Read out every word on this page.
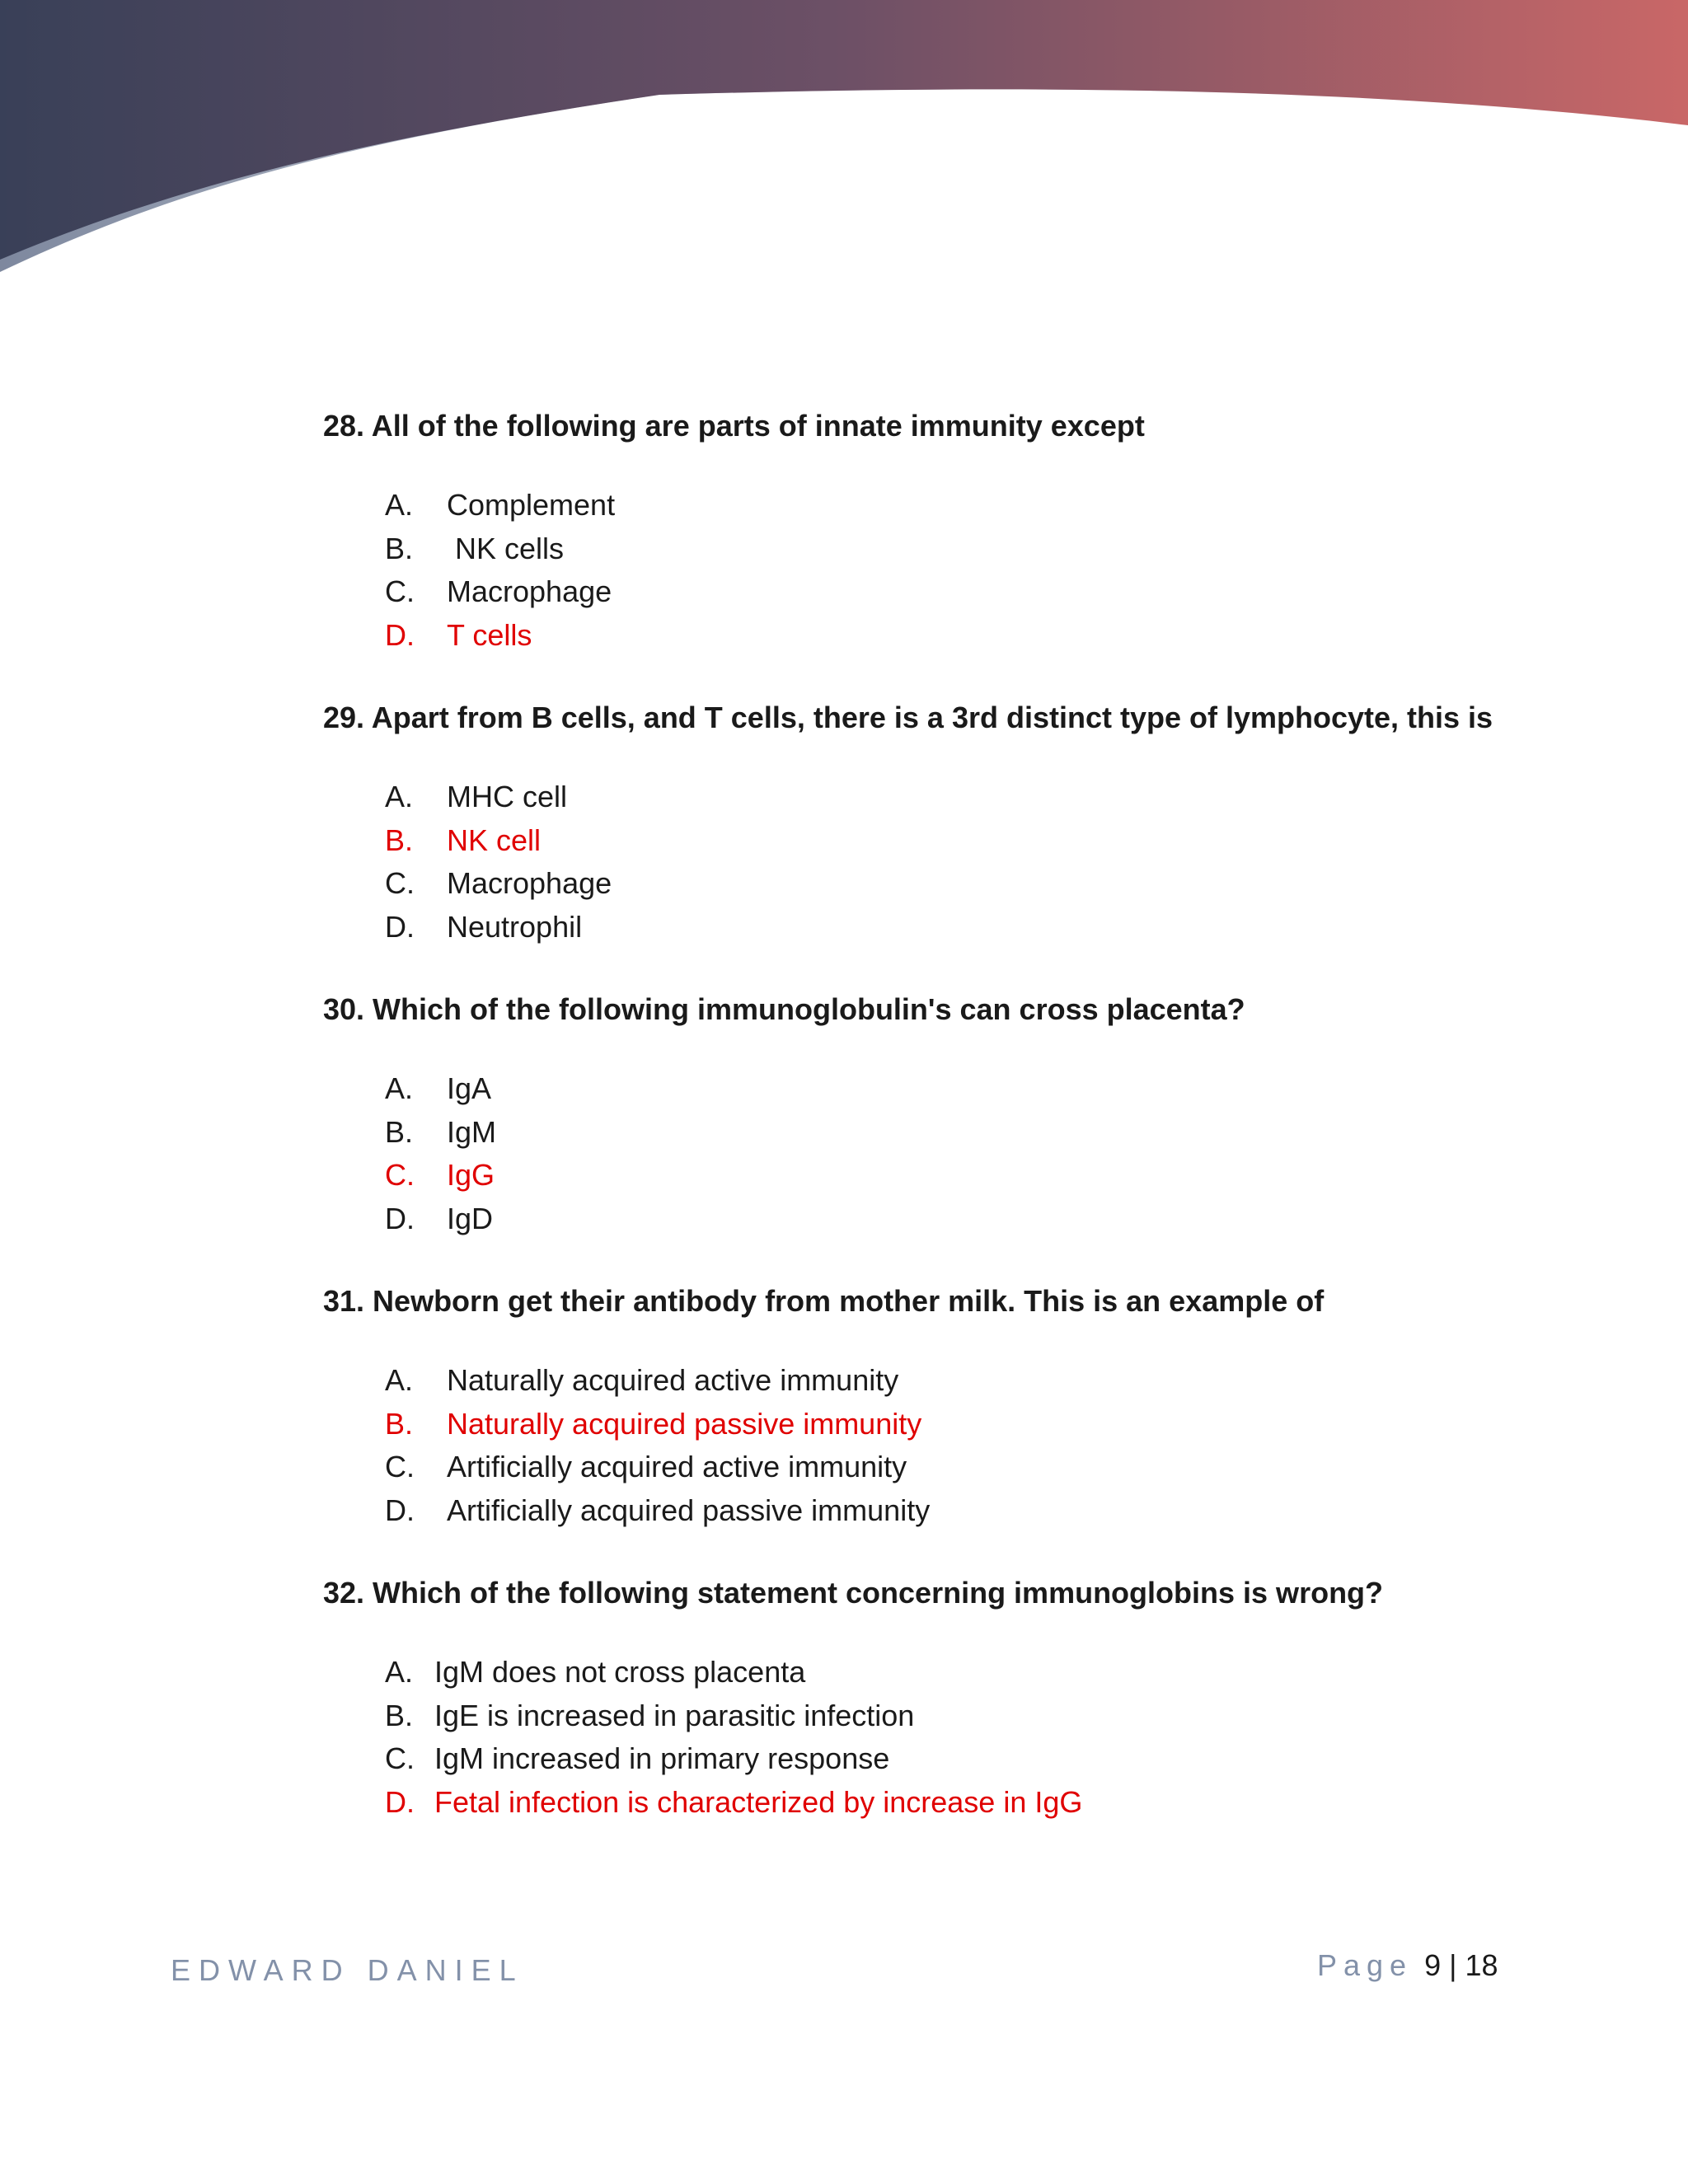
28. All of the following are parts of innate immunity except
A.	Complement
B.	NK cells
C.	Macrophage
D.	T cells
29. Apart from B cells, and T cells, there is a 3rd distinct type of lymphocyte, this is
A.	MHC cell
B.	NK cell
C.	Macrophage
D.	Neutrophil
30. Which of the following immunoglobulin's can cross placenta?
A.	IgA
B.	IgM
C.	IgG
D.	IgD
31. Newborn get their antibody from mother milk. This is an example of
A.	Naturally acquired active immunity
B.	Naturally acquired passive immunity
C.	Artificially acquired active immunity
D.	Artificially acquired passive immunity
32. Which of the following statement concerning immunoglobins is wrong?
A. IgM does not cross placenta
B. IgE is increased in parasitic infection
C. IgM increased in primary response
D. Fetal infection is characterized by increase in IgG
EDWARD DANIEL	Page 9 | 18
